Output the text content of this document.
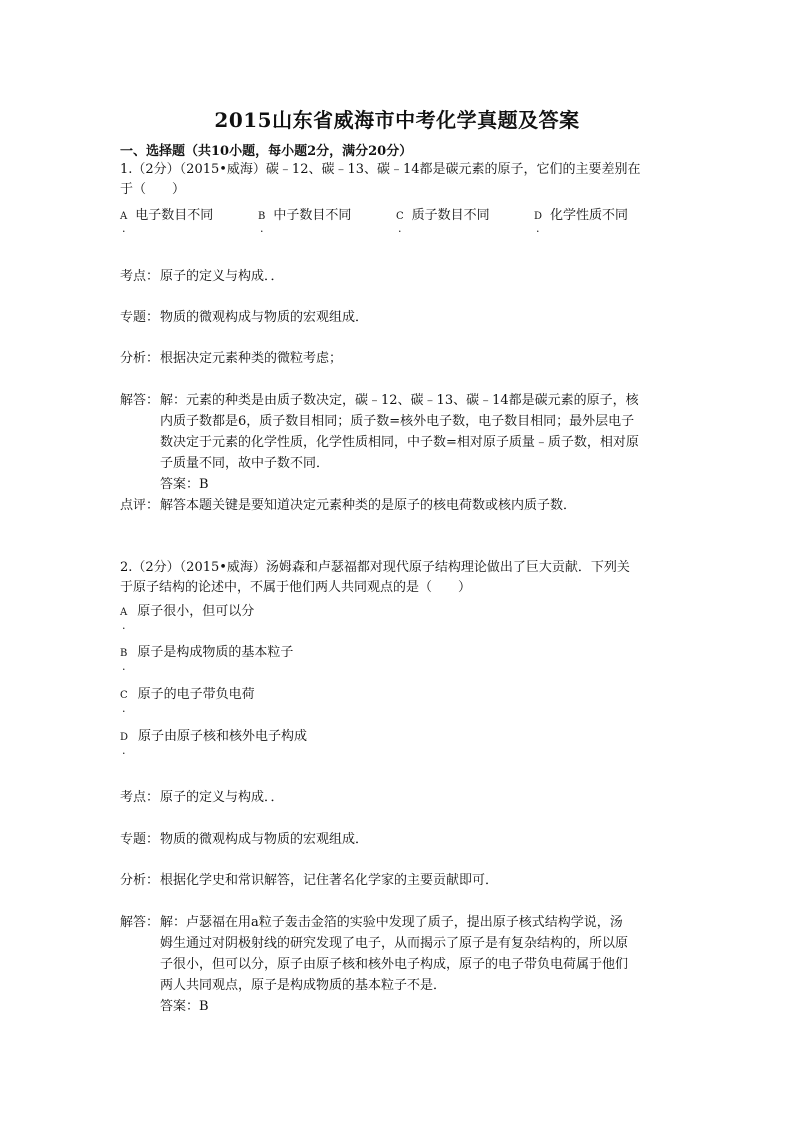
2015山东省威海市中考化学真题及答案
一、选择题（共10小题，每小题2分，满分20分）
1.（2分）（2015•威海）碳﹣12、碳﹣13、碳﹣14都是碳元素的原子，它们的主要差别在
于（　　）
A 电子数目不同
.
B 中子数目不同
.
C 质子数目不同
.
D 化学性质不同
.
考点： 原子的定义与构成．．
专题： 物质的微观构成与物质的宏观组成．
分析： 根据决定元素种类的微粒考虑；
解答： 解：元素的种类是由质子数决定，碳﹣12、碳﹣13、碳﹣14都是碳元素的原子，核
内质子数都是6，质子数目相同；质子数=核外电子数，电子数目相同；最外层电子
数决定于元素的化学性质，化学性质相同，中子数=相对原子质量﹣质子数，相对原
子质量不同，故中子数不同．
答案：B
点评： 解答本题关键是要知道决定元素种类的是原子的核电荷数或核内质子数．
2.（2分）（2015•威海）汤姆森和卢瑟福都对现代原子结构理论做出了巨大贡献．下列关
于原子结构的论述中，不属于他们两人共同观点的是（　　）
A 原子很小，但可以分
.
B 原子是构成物质的基本粒子
.
C 原子的电子带负电荷
.
D 原子由原子核和核外电子构成
.
考点： 原子的定义与构成．．
专题： 物质的微观构成与物质的宏观组成．
分析： 根据化学史和常识解答，记住著名化学家的主要贡献即可．
解答： 解：卢瑟福在用a粒子轰击金箔的实验中发现了质子，提出原子核式结构学说，汤
姆生通过对阴极射线的研究发现了电子，从而揭示了原子是有复杂结构的，所以原
子很小，但可以分，原子由原子核和核外电子构成，原子的电子带负电荷属于他们
两人共同观点，原子是构成物质的基本粒子不是．
答案：B
